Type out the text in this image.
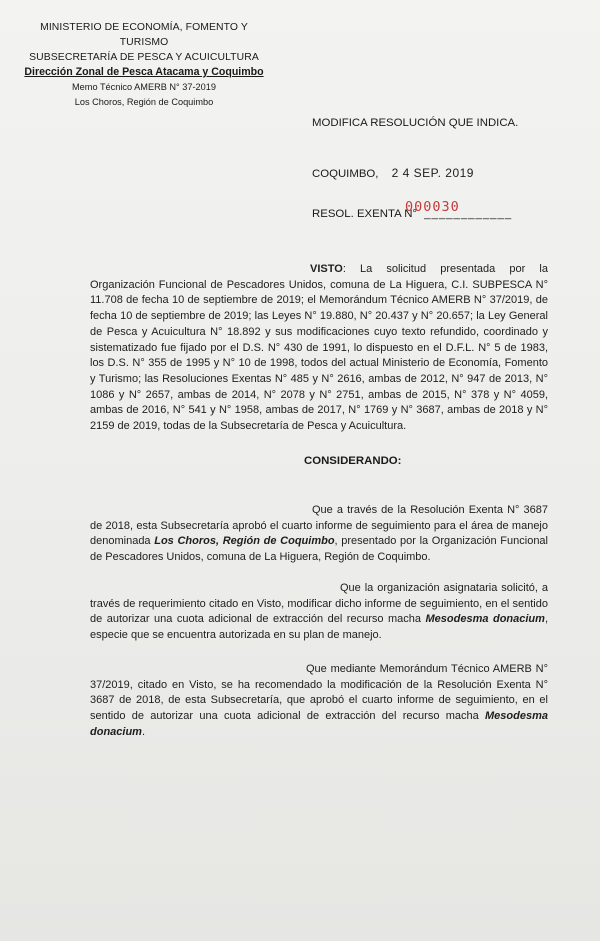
MINISTERIO DE ECONOMÍA, FOMENTO Y TURISMO
SUBSECRETARÍA DE PESCA Y ACUICULTURA
Dirección Zonal de Pesca Atacama y Coquimbo
Memo Técnico AMERB N° 37-2019
Los Choros, Región de Coquimbo
MODIFICA RESOLUCIÓN QUE INDICA.
COQUIMBO, 2 4 SEP. 2019
RESOL. EXENTA N° ____________
000030
VISTO: La solicitud presentada por la Organización Funcional de Pescadores Unidos, comuna de La Higuera, C.I. SUBPESCA N° 11.708 de fecha 10 de septiembre de 2019; el Memorándum Técnico AMERB N° 37/2019, de fecha 10 de septiembre de 2019; las Leyes N° 19.880, N° 20.437 y N° 20.657; la Ley General de Pesca y Acuicultura N° 18.892 y sus modificaciones cuyo texto refundido, coordinado y sistematizado fue fijado por el D.S. N° 430 de 1991, lo dispuesto en el D.F.L. N° 5 de 1983, los D.S. N° 355 de 1995 y N° 10 de 1998, todos del actual Ministerio de Economía, Fomento y Turismo; las Resoluciones Exentas N° 485 y N° 2616, ambas de 2012, N° 947 de 2013, N° 1086 y N° 2657, ambas de 2014, N° 2078 y N° 2751, ambas de 2015, N° 378 y N° 4059, ambas de 2016, N° 541 y N° 1958, ambas de 2017, N° 1769 y N° 3687, ambas de 2018 y N° 2159 de 2019, todas de la Subsecretaría de Pesca y Acuicultura.
CONSIDERANDO:
Que a través de la Resolución Exenta N° 3687 de 2018, esta Subsecretaría aprobó el cuarto informe de seguimiento para el área de manejo denominada Los Choros, Región de Coquimbo, presentado por la Organización Funcional de Pescadores Unidos, comuna de La Higuera, Región de Coquimbo.
Que la organización asignataria solicitó, a través de requerimiento citado en Visto, modificar dicho informe de seguimiento, en el sentido de autorizar una cuota adicional de extracción del recurso macha Mesodesma donacium, especie que se encuentra autorizada en su plan de manejo.
Que mediante Memorándum Técnico AMERB N° 37/2019, citado en Visto, se ha recomendado la modificación de la Resolución Exenta N° 3687 de 2018, de esta Subsecretaría, que aprobó el cuarto informe de seguimiento, en el sentido de autorizar una cuota adicional de extracción del recurso macha Mesodesma donacium.
